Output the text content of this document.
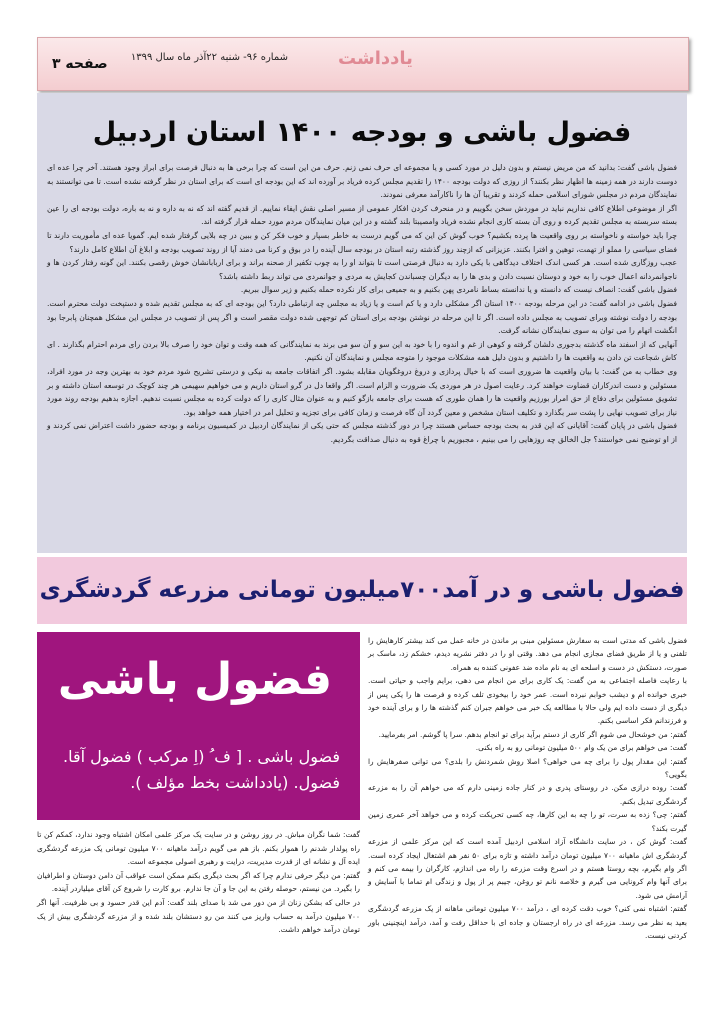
صفحه ۳	یادداشت
شماره ۹۶- شنبه ۲۲آذر ماه سال ۱۳۹۹
فضول باشی و بودجه ۱۴۰۰ استان اردبیل

فضول باشی گفت: بدانید که من مریض نیستم و بدون دلیل در مورد کسی و یا مجموعه ای حرف نمی زنم. حرف من این است که چرا برخی ها به دنبال فرصت برای ابراز وجود هستند. آخر چرا عده ای دوست دارند در همه زمینه ها اظهار نظر بکنند؟ از روزی که دولت بودجه ۱۴۰۰ را تقدیم مجلس کرده فریاد بر آورده اند که این بودجه ای است که برای استان در نظر گرفته نشده است. تا می توانستند به نمایندگان مردم در مجلس شورای اسلامی حمله کردند و تقریبا آن ها را ناکارآمد معرفی نمودند.

اگر از موضوعی اطلاع کافی نداریم نباید در موردش سخن بگوییم و در منحرف کردن افکار عمومی از مسیر اصلی نقش ایفاء نماییم. از قدیم گفته اند که نه به داره و نه به باره، دولت بودجه ای را عین بسته سربسته به مجلس تقدیم کرده و روی آن بسته کاری انجام نشده فریاد وامصیبتا بلند گشته و در این میان نمایندگان مردم مورد حمله قرار گرفته اند.

چرا باید خواسته و ناخواسته بر روی واقعیت ها پرده بکشیم؟ خوب گوش کن این که می گویم درست به خاطر بسپار و خوب فکر کن و ببین در چه بلایی گرفتار شده ایم. گمویا عده ای مأموریت دارند تا فضای سیاسی را مملو از تهمت، توهین و افترا بکنند. عزیزانی که ازچند روز گذشته رتبه استان در بودجه سال آینده را در بوق و کرنا می دمند آیا از روند تصویب بودجه و ابلاغ آن اطلاع کامل دارند؟

عجب روزگاری شده است. هر کسی اندک اختلاف دیدگاهی با یکی دارد به دنبال فرصتی است تا بتواند او را به چوب تکفیر از صحنه براند و برای اربابانشان خوش رقصی بکنند. این گونه رفتار کردن ها و ناجوانمردانه اعمال خوب را به خود و دوستان نسبت دادن و بدی ها را به دیگران چسباندن کجایش به مردی و جوانمردی می تواند ربط داشته باشد؟

فضول باشی گفت: انصاف نیست که دانسته و یا ندانسته بساط نامردی پهن بکنیم و به جمیعی برای کار نکرده حمله بکنیم و زیر سوال ببریم.

فضول باشی در ادامه گفت: در این مرحله بودجه ۱۴۰۰ استان اگر مشکلی دارد و یا کم است و یا زیاد به مجلس چه ارتباطی دارد؟ این بودجه ای که به مجلس تقدیم شده و دستپخت دولت محترم است. بودجه را دولت نوشته وبرای تصویب به مجلس داده است. اگر تا این مرحله در نوشتن بودجه برای استان کم توجهی شده دولت مقصر است و اگر پس از تصویب در مجلس این مشکل همچنان پابرجا بود انگشت اتهام را می توان به سوی نمایندگان نشانه گرفت.

آنهایی که از اسفند ماه گذشته بدجوری دلشان گرفته و کوهی از غم و اندوه را با خود به این سو و آن سو می برند به نمایندگانی که همه وقت و توان خود را صرف بالا بردن رای مردم احترام بگذارند . ای کاش شجاعت تن دادن به واقعیت ها را داشتیم و بدون دلیل همه مشکلات موجود را متوجه مجلس و نمایندگان آن نکنیم.

وی خطاب به من گفت: با بیان واقعیت ها ضروری است که با خیال پردازی و دروغ دروغگویان مقابله بشود. اگر اتفاقات جامعه به نیکی و درستی تشریح شود مردم خود به بهترین وجه در مورد افراد، مسئولین و دست اندرکاران قضاوت خواهند کرد. رعایت اصول در هر موردی یک ضرورت و الزام است. اگر واقعا دل در گرو استان داریم و می خواهیم سهیمی هر چند کوچک در توسعه استان داشته و بر تشویق مسئولین برای دفاع از حق امرار بورزیم واقعیت ها را همان طوری که هست برای جامعه بازگو کنیم و به عنوان مثال کاری را که دولت کرده به مجلس نسبت ندهیم. اجازه بدهیم بودجه روند مورد نیاز برای تصویب نهایی را پشت سر بگذارد و تکلیف استان مشخص و معین گردد آن گاه فرصت و زمان کافی برای تجزیه و تحلیل امر در اختیار همه خواهد بود.

فضول باشی در پایان گفت: آقایانی که این قدر به بحث بودجه حساس هستند چرا در دور گذشته مجلس که حتی یکی از نمایندگان اردبیل در کمیسیون برنامه و بودجه حضور داشت اعتراض نمی کردند و از او توضیح نمی خواستند؟ جل الخالق چه روزهایی را می بینیم ، مجبوریم با چراغ قوه به دنبال صداقت بگردیم.

فضول باشی و در آمد۷۰۰میلیون تومانی مزرعه گردشگری

فضول باشی که مدتی است به سفارش مسئولین مبنی بر ماندن در خانه عمل می کند بیشتر کارهایش را تلفنی و یا از طریق فضای مجازی انجام می دهد. وقتی او را در دفتر نشریه دیدم، خشکم زد، ماسک بر صورت، دستکش در دست و اسلحه ای به نام ماده ضد عفونی کننده به همراه.

با رعایت فاصله اجتماعی به من گفت: یک کاری برای من انجام می دهی، برایم واجب و حیاتی است. خبری خوانده ام و دیشب خوابم نبرده است. عمر خود را بیخودی تلف کرده و فرصت ها را یکی پس از دیگری از دست داده ایم ولی حالا با مطالعه یک خبر می خواهم جبران کنم گذشته ها را و برای آینده خود و فرزندانم فکر اساسی بکنم.

گفتم: من خوشحال می شوم اگر کاری از دستم برآید برای تو انجام بدهم. سرا پا گوشم. امر بفرمایید.

گفت: می خواهم برای من یک وام ۵۰۰ میلیون تومانی رو به راه بکنی.

گفتم: این مقدار پول را برای چه می خواهی؟ اصلا روش شمردنش را بلدی؟ می توانی صفرهایش را بگویی؟

گفت: روده درازی مکن. در روستای پدری و در کنار جاده زمینی دارم که می خواهم آن را به مزرعه گردشگری تبدیل بکنم.

گفتم: چی؟ زده به سرت، تو را چه به این کارها، چه کسی تحریکت کرده و می خواهد آخر عمری زمین گیرت بکند؟

گفت: گوش کن ، در سایت دانشگاه آزاد اسلامی اردبیل آمده است که این مرکز علمی از مزرعه گردشگری اش ماهیانه ۷۰۰ میلیون تومان درآمد داشته و تازه برای ۵۰ نفر هم اشتغال ایجاد کرده است. اگر وام بگیرم، بچه روستا هستم و در اسرع وقت مزرعه را راه می اندازم، کارگران را بیمه می کنم و برای آنها وام کرونایی می گیرم و خلاصه نانم تو روغن، جیبم پر از پول و زندگی ام تماما با آسایش و آرامش می شود.

گفتم: اشتباه نمی کنی؟ خوب دقت کرده ای ، درآمد ۷۰۰ میلیون تومانی ماهانه از یک مزرعه گردشگری بعید به نظر می رسد. مزرعه ای در راه ارجستان و جاده ای با حداقل رفت و آمد، درآمد اینچنینی باور کردنی نیست.

فضول باشی
فضول باشی . [ ف ُ (اِ مرکب ) فضول آقا. فضول. (یادداشت بخط مؤلف ).

گفت: شما نگران مباش. در روز روشن و در سایت یک مرکز علمی امکان اشتباه وجود ندارد، کمکم کن تا راه پولدار شدنم را هموار بکنم. باز هم می گویم درآمد ماهیانه ۷۰۰ میلیون تومانی یک مزرعه گردشگری ایده آل و نشانه ای از قدرت مدیریت، درایت و رهبری اصولی مجموعه است.

گفتم: من دیگر حرفی ندارم چرا که اگر بحث دیگری بکنم ممکن است عواقب آن دامن دوستان و اطرافیان را بگیرد. من نیستم، حوصله رفتن به این جا و آن جا ندارم. برو کارت را شروع کن آقای میلیاردر آینده.

در حالی که بشکن زنان از من دور می شد با صدای بلند گفت: آدم این قدر حسود و بی ظرفیت. آنها اگر ۷۰۰ میلیون درآمد به حساب واریز می کنند من رو دستشان بلند شده و از مزرعه گردشگری بیش از یک تومان درآمد خواهم داشت.
